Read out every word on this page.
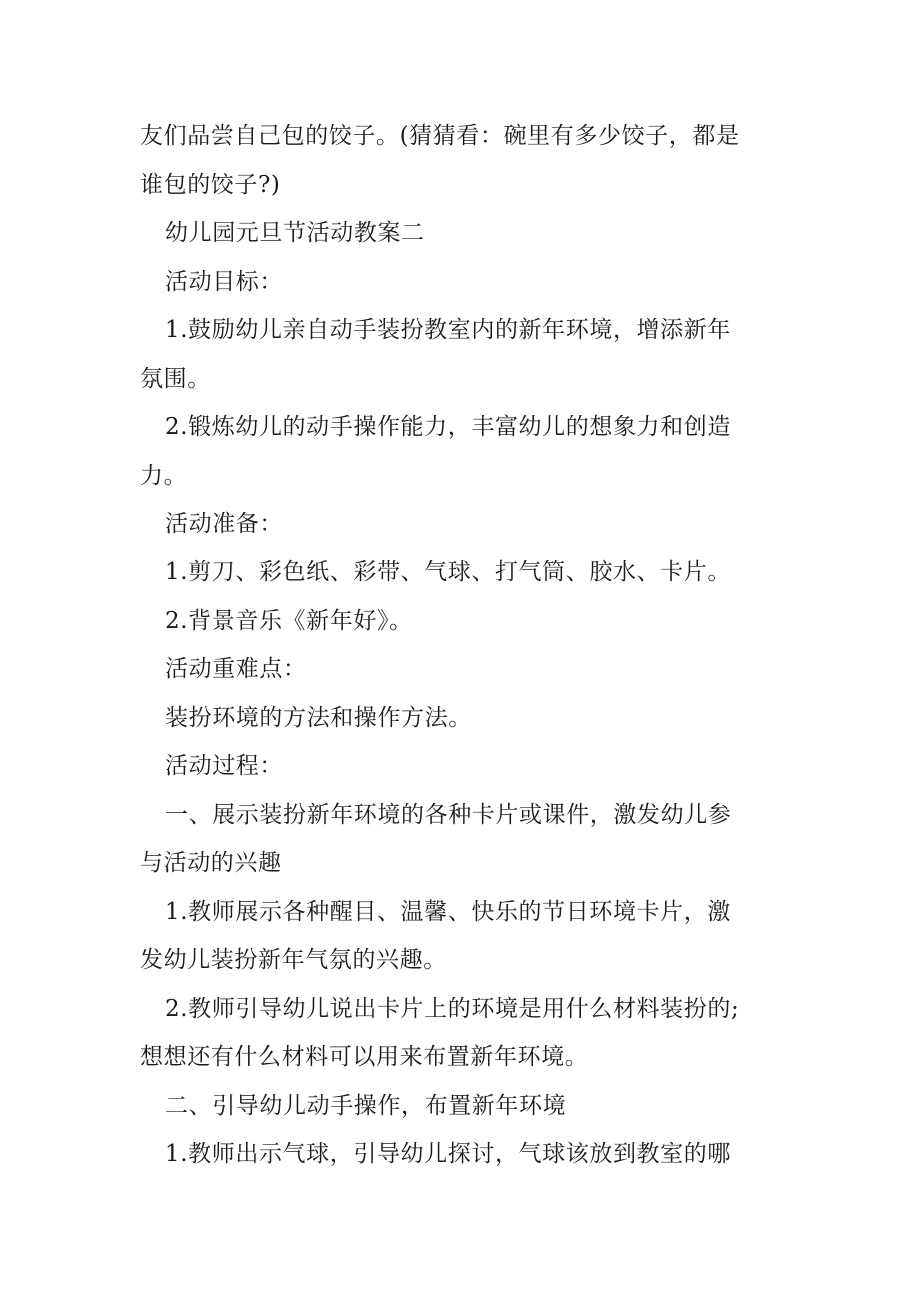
友们品尝自己包的饺子。(猜猜看：碗里有多少饺子，都是
谁包的饺子?)
幼儿园元旦节活动教案二
活动目标：
1.鼓励幼儿亲自动手装扮教室内的新年环境，增添新年
氛围。
2.锻炼幼儿的动手操作能力，丰富幼儿的想象力和创造
力。
活动准备：
1.剪刀、彩色纸、彩带、气球、打气筒、胶水、卡片。
2.背景音乐《新年好》。
活动重难点：
装扮环境的方法和操作方法。
活动过程：
一、展示装扮新年环境的各种卡片或课件，激发幼儿参
与活动的兴趣
1.教师展示各种醒目、温馨、快乐的节日环境卡片，激
发幼儿装扮新年气氛的兴趣。
2.教师引导幼儿说出卡片上的环境是用什么材料装扮的;
想想还有什么材料可以用来布置新年环境。
二、引导幼儿动手操作，布置新年环境
1.教师出示气球，引导幼儿探讨，气球该放到教室的哪
